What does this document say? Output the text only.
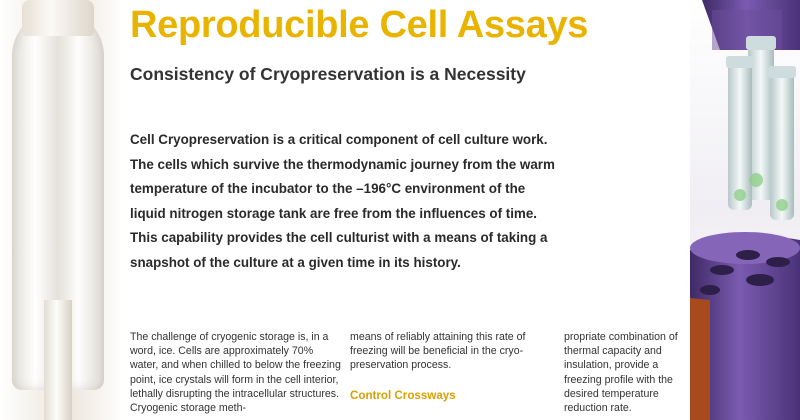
Reproducible Cell Assays
Consistency of Cryopreservation is a Necessity

Cell Cryopreservation is a critical component of cell culture work.
The cells which survive the thermodynamic journey from the warm
temperature of the incubator to the –196°C environment of the
liquid nitrogen storage tank are free from the influences of time.
This capability provides the cell culturist with a means of taking a
snapshot of the culture at a given time in its history.

The challenge of cryogenic storage is, in a word, ice. Cells are approximately 70% water, and when chilled to below the freezing point, ice crystals will form in the cell interior, lethally disrupting the intracellular structures. Cryogenic storage meth-

means of reliably attaining this rate of freezing will be beneficial in the cryo-preservation process.

Control Crossways

propriate combination of thermal capacity and insulation, provide a freezing profile with the desired temperature reduction rate.
